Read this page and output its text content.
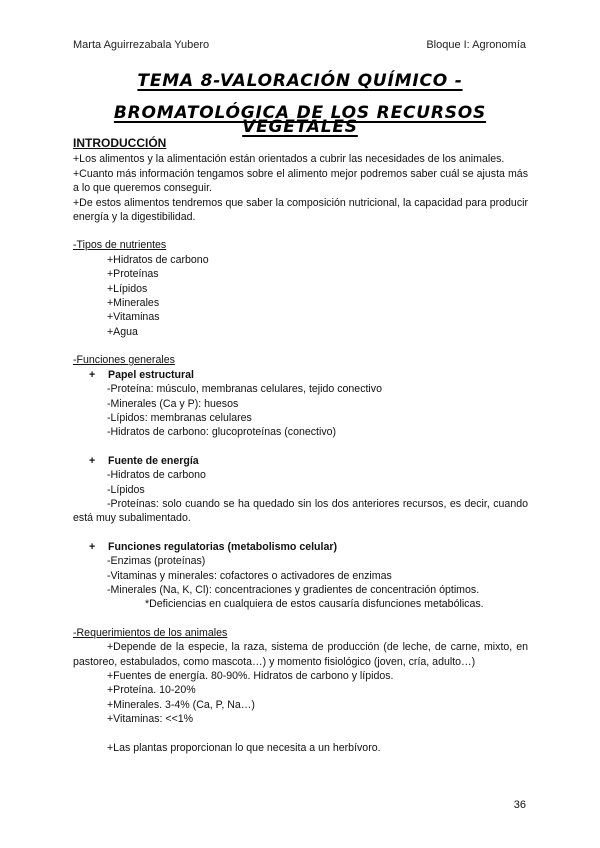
Marta Aguirrezabala Yubero	Bloque I: Agronomía
TEMA 8-VALORACIÓN QUÍMICO -
BROMATOLÓGICA DE LOS RECURSOS VEGETALES
INTRODUCCIÓN
+Los alimentos y la alimentación están orientados a cubrir las necesidades de los animales.
+Cuanto más información tengamos sobre el alimento mejor podremos saber cuál se ajusta más a lo que queremos conseguir.
+De estos alimentos tendremos que saber la composición nutricional, la capacidad para producir energía y la digestibilidad.
-Tipos de nutrientes
+Hidratos de carbono
+Proteínas
+Lípidos
+Minerales
+Vitaminas
+Agua
-Funciones generales
+	Papel estructural
-Proteína: músculo, membranas celulares, tejido conectivo
-Minerales (Ca y P): huesos
-Lípidos: membranas celulares
-Hidratos de carbono: glucoproteínas (conectivo)
+	Fuente de energía
-Hidratos de carbono
-Lípidos
-Proteínas: solo cuando se ha quedado sin los dos anteriores recursos, es decir, cuando está muy subalimentado.
+	Funciones regulatorias (metabolismo celular)
-Enzimas (proteínas)
-Vitaminas y minerales: cofactores o activadores de enzimas
-Minerales (Na, K, Cl): concentraciones y gradientes de concentración óptimos.
*Deficiencias en cualquiera de estos causaría disfunciones metabólicas.
-Requerimientos de los animales
+Depende de la especie, la raza, sistema de producción (de leche, de carne, mixto, en pastoreo, estabulados, como mascota…) y momento fisiológico (joven, cría, adulto…)
+Fuentes de energía. 80-90%. Hidratos de carbono y lípidos.
+Proteína. 10-20%
+Minerales. 3-4% (Ca, P, Na…)
+Vitaminas: <<1%
+Las plantas proporcionan lo que necesita a un herbívoro.
36
